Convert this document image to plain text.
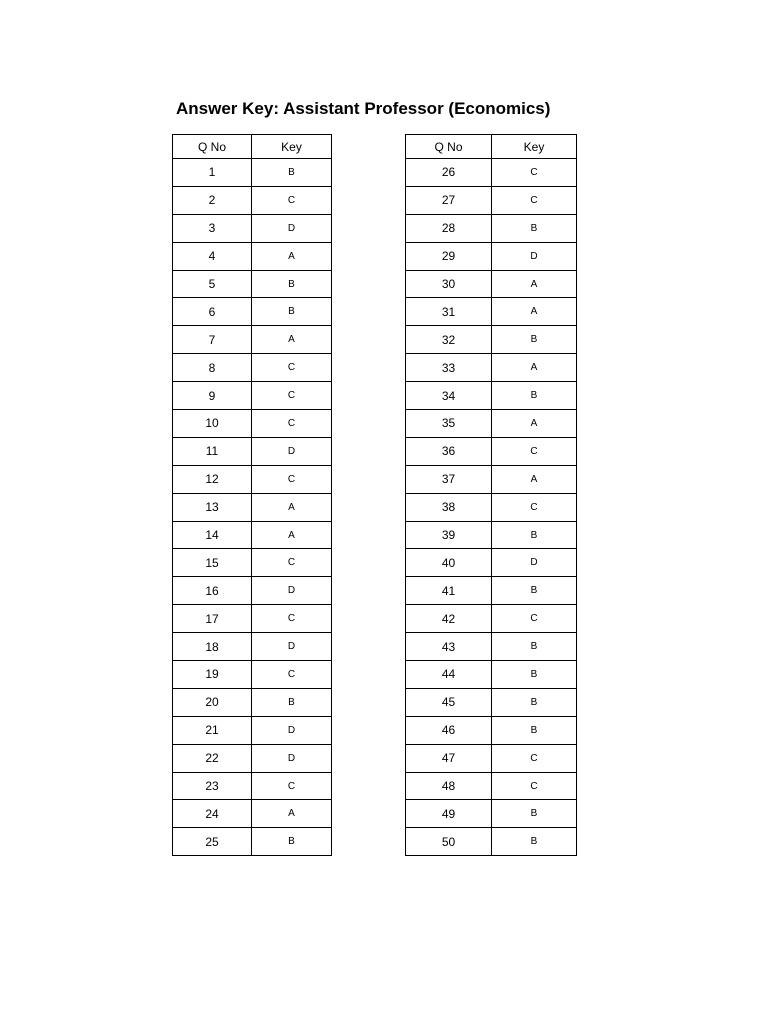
Answer Key: Assistant Professor (Economics)
Q No	Key
1	B
2	C
3	D
4	A
5	B
6	B
7	A
8	C
9	C
10	C
11	D
12	C
13	A
14	A
15	C
16	D
17	C
18	D
19	C
20	B
21	D
22	D
23	C
24	A
25	B
Q No	Key
26	C
27	C
28	B
29	D
30	A
31	A
32	B
33	A
34	B
35	A
36	C
37	A
38	C
39	B
40	D
41	B
42	C
43	B
44	B
45	B
46	B
47	C
48	C
49	B
50	B
